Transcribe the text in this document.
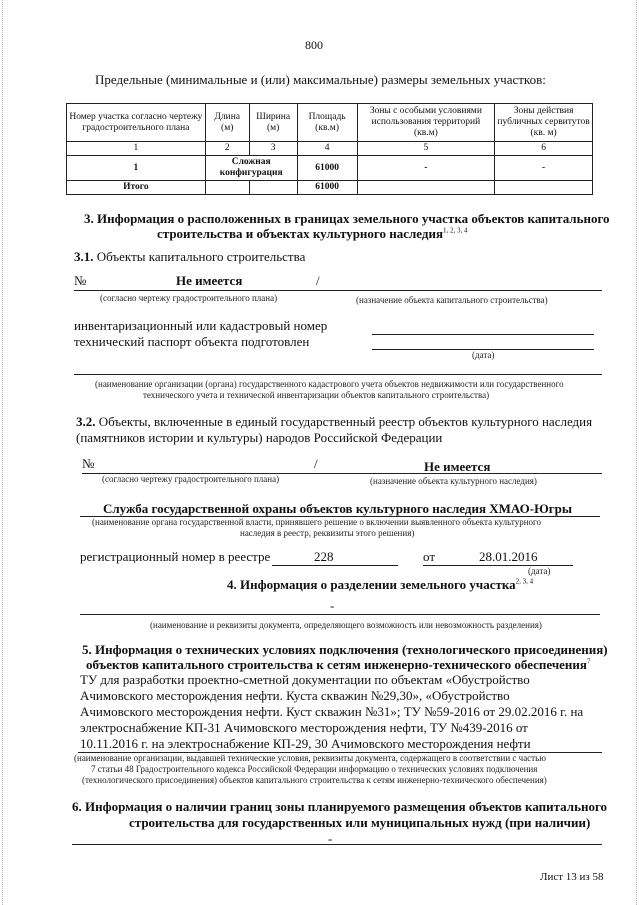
800
Предельные (минимальные и (или) максимальные) размеры земельных участков:
Номер участка согласно чертежу градостроительного плана	Длина (м)	Ширина (м)	Площадь (кв.м)	Зоны с особыми условиями использования территорий (кв.м)	Зоны действия публичных сервитутов (кв. м)
1	2	3	4	5	6
1	Сложная конфигурация		61000	-	-
Итого			61000		
3. Информация о расположенных в границах земельного участка объектов капитального
строительства и объектах культурного наследия$^{1, 2, 3, 4}$
3.1. Объекты капитального строительства
№	Не имеется	/
(согласно чертежу градостроительного плана)	(назначение объекта капитального строительства)
инвентаризационный или кадастровый номер
технический паспорт объекта подготовлен
(дата)
(наименование организации (органа) государственного кадастрового учета объектов недвижимости или государственного
технического учета и технической инвентаризации объектов капитального строительства)
3.2. Объекты, включенные в единый государственный реестр объектов культурного наследия
(памятников истории и культуры) народов Российской Федерации
№	/	Не имеется
(согласно чертежу градостроительного плана)	(назначение объекта культурного наследия)
Служба государственной охраны объектов культурного наследия ХМАО-Югры
(наименование органа государственной власти, принявшего решение о включении выявленного объекта культурного
наследия в реестр, реквизиты этого решения)
регистрационный номер в реестре	228	от	28.01.2016
(дата)
4. Информация о разделении земельного участка$^{2, 3, 4}$
-
(наименование и реквизиты документа, определяющего возможность или невозможность разделения)
5. Информация о технических условиях подключения (технологического присоединения)
объектов капитального строительства к сетям инженерно-технического обеспечения$^7$
ТУ для разработки проектно-сметной документации по объектам «Обустройство
Ачимовского месторождения нефти. Куста скважин №29,30», «Обустройство
Ачимовского месторождения нефти. Куст скважин №31»; ТУ №59-2016 от 29.02.2016 г. на
электроснабжение КП-31 Ачимовского месторождения нефти, ТУ №439-2016 от
10.11.2016 г. на электроснабжение КП-29, 30 Ачимовского месторождения нефти
(наименование организации, выдавшей технические условия, реквизиты документа, содержащего в соответствии с частью
7 статьи 48 Градостроительного кодекса Российской Федерации информацию о технических условиях подключения
(технологического присоединения) объектов капитального строительства к сетям инженерно-технического обеспечения)
6. Информация о наличии границ зоны планируемого размещения объектов капитального
строительства для государственных или муниципальных нужд (при наличии)
-
Лист 13 из 58
